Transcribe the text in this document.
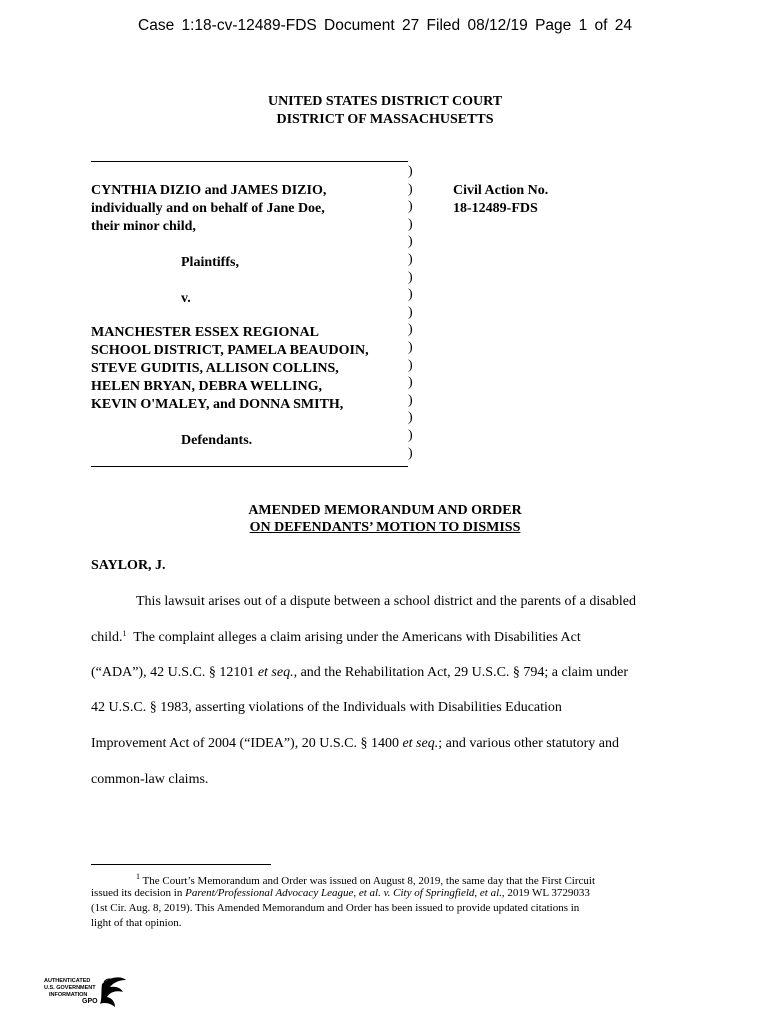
Case 1:18-cv-12489-FDS Document 27 Filed 08/12/19 Page 1 of 24
UNITED STATES DISTRICT COURT
DISTRICT OF MASSACHUSETTS
CYNTHIA DIZIO and JAMES DIZIO,
individually and on behalf of Jane Doe,
their minor child,
Plaintiffs,
v.
MANCHESTER ESSEX REGIONAL
SCHOOL DISTRICT, PAMELA BEAUDOIN,
STEVE GUDITIS, ALLISON COLLINS,
HELEN BRYAN, DEBRA WELLING,
KEVIN O'MALEY, and DONNA SMITH,
Defendants.
)
)
)
)
)
)
)
)
)
)
)
)
)
)
)
)
)
Civil Action No.
18-12489-FDS
AMENDED MEMORANDUM AND ORDER
ON DEFENDANTS’ MOTION TO DISMISS
SAYLOR, J.
This lawsuit arises out of a dispute between a school district and the parents of a disabled
child.$^1$  The complaint alleges a claim arising under the Americans with Disabilities Act
(“ADA”), 42 U.S.C. § 12101 et seq., and the Rehabilitation Act, 29 U.S.C. § 794; a claim under
42 U.S.C. § 1983, asserting violations of the Individuals with Disabilities Education
Improvement Act of 2004 (“IDEA”), 20 U.S.C. § 1400 et seq.; and various other statutory and
common-law claims.
$^1$ The Court’s Memorandum and Order was issued on August 8, 2019, the same day that the First Circuit
issued its decision in Parent/Professional Advocacy League, et al. v. City of Springfield, et al., 2019 WL 3729033
(1st Cir. Aug. 8, 2019). This Amended Memorandum and Order has been issued to provide updated citations in
light of that opinion.
AUTHENTICATED
U.S. GOVERNMENT
INFORMATION
GPO
